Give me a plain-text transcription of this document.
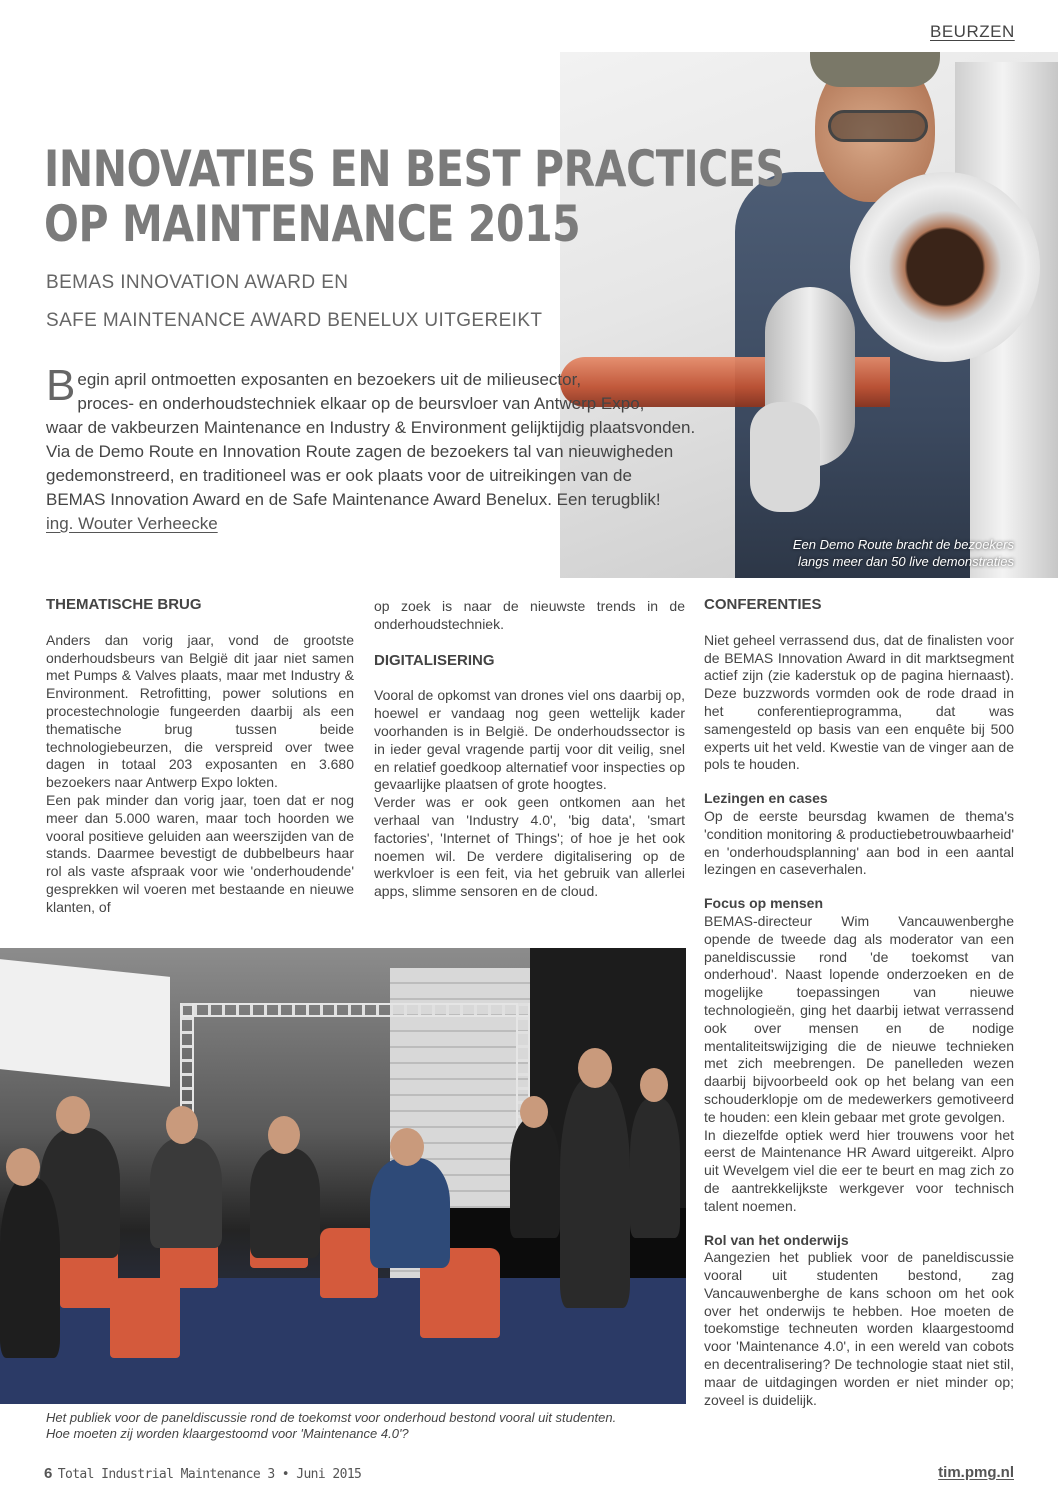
BEURZEN
Een Demo Route bracht de bezoekers
langs meer dan 50 live demonstraties
INNOVATIES EN BEST PRACTICES
OP MAINTENANCE 2015
BEMAS INNOVATION AWARD EN
SAFE MAINTENANCE AWARD BENELUX UITGEREIKT
B egin april ontmoetten exposanten en bezoekers uit de milieusector,
proces- en onderhoudstechniek elkaar op de beursvloer van Antwerp Expo,
waar de vakbeurzen Maintenance en Industry & Environment gelijktijdig plaatsvonden.
Via de Demo Route en Innovation Route zagen de bezoekers tal van nieuwigheden
gedemonstreerd, en traditioneel was er ook plaats voor de uitreikingen van de
BEMAS Innovation Award en de Safe Maintenance Award Benelux. Een terugblik!
ing. Wouter Verheecke
THEMATISCHE BRUG

Anders dan vorig jaar, vond de grootste onderhoudsbeurs van België dit jaar niet samen met Pumps & Valves plaats, maar met Industry & Environment. Retrofitting, power solutions en procestechnologie fungeerden daarbij als een thematische brug tussen beide technologiebeurzen, die verspreid over twee dagen in totaal 203 exposanten en 3.680 bezoekers naar Antwerp Expo lokten.

Een pak minder dan vorig jaar, toen dat er nog meer dan 5.000 waren, maar toch hoorden we vooral positieve geluiden aan weerszijden van de stands. Daarmee bevestigt de dubbelbeurs haar rol als vaste afspraak voor wie 'onderhoudende' gesprekken wil voeren met bestaande en nieuwe klanten, of

op zoek is naar de nieuwste trends in de onderhoudstechniek.

DIGITALISERING

Vooral de opkomst van drones viel ons daarbij op, hoewel er vandaag nog geen wettelijk kader voorhanden is in België. De onderhoudssector is in ieder geval vragende partij voor dit veilig, snel en relatief goedkoop alternatief voor inspecties op gevaarlijke plaatsen of grote hoogtes.

Verder was er ook geen ontkomen aan het verhaal van 'Industry 4.0', 'big data', 'smart factories', 'Internet of Things'; of hoe je het ook noemen wil. De verdere digitalisering op de werkvloer is een feit, via het gebruik van allerlei apps, slimme sensoren en de cloud.

CONFERENTIES

Niet geheel verrassend dus, dat de finalisten voor de BEMAS Innovation Award in dit marktsegment actief zijn (zie kaderstuk op de pagina hiernaast). Deze buzzwords vormden ook de rode draad in het conferentieprogramma, dat was samengesteld op basis van een enquête bij 500 experts uit het veld. Kwestie van de vinger aan de pols te houden.

Lezingen en cases

Op de eerste beursdag kwamen de thema's 'condition monitoring & productiebetrouwbaarheid' en 'onderhoudsplanning' aan bod in een aantal lezingen en caseverhalen.

Focus op mensen

BEMAS-directeur Wim Vancauwenberghe opende de tweede dag als moderator van een paneldiscussie rond 'de toekomst van onderhoud'. Naast lopende onderzoeken en de mogelijke toepassingen van nieuwe technologieën, ging het daarbij ietwat verrassend ook over mensen en de nodige mentaliteitswijziging die de nieuwe technieken met zich meebrengen. De panelleden wezen daarbij bijvoorbeeld ook op het belang van een schouderklopje om de medewerkers gemotiveerd te houden: een klein gebaar met grote gevolgen.

In diezelfde optiek werd hier trouwens voor het eerst de Maintenance HR Award uitgereikt. Alpro uit Wevelgem viel die eer te beurt en mag zich zo de aantrekkelijkste werkgever voor technisch talent noemen.

Rol van het onderwijs

Aangezien het publiek voor de paneldiscussie vooral uit studenten bestond, zag Vancauwenberghe de kans schoon om het ook over het onderwijs te hebben. Hoe moeten de toekomstige techneuten worden klaargestoomd voor 'Maintenance 4.0', in een wereld van cobots en decentralisering? De technologie staat niet stil, maar de uitdagingen worden er niet minder op; zoveel is duidelijk.

Het publiek voor de paneldiscussie rond de toekomst voor onderhoud bestond vooral uit studenten.
Hoe moeten zij worden klaargestoomd voor 'Maintenance 4.0'?
6 Total Industrial Maintenance 3 • Juni 2015	tim.pmg.nl
